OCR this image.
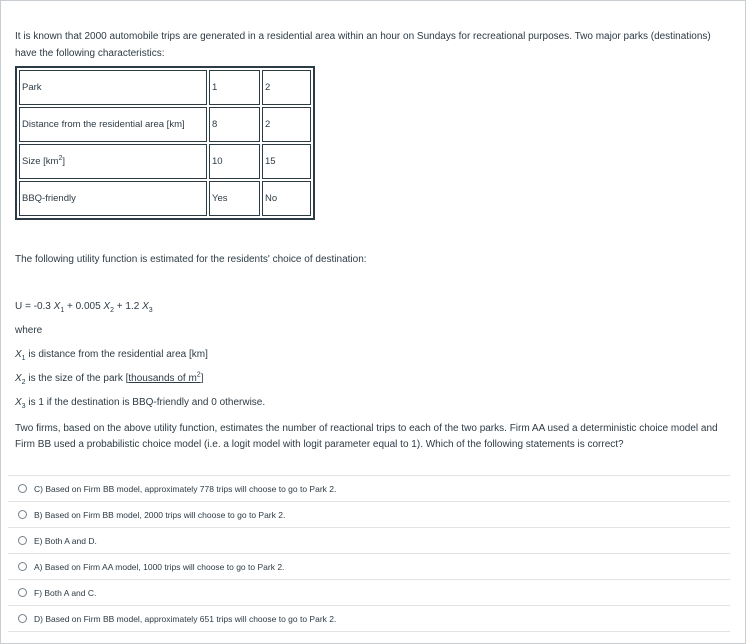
It is known that 2000 automobile trips are generated in a residential area within an hour on Sundays for recreational purposes. Two major parks (destinations) have the following characteristics:

Park	1	2
Distance from the residential area [km]	8	2
Size $[km^2]$	10	15
BBQ-friendly	Yes	No
The following utility function is estimated for the residents' choice of destination:
U = -0.3 $X_1 + 0.005$ $X_2 + 1.2$ $X_3$
where
$X_1$ is distance from the residential area [km]
$X_2$ is the size of the park [thousands of $m^2$]
$X_3$ is 1 if the destination is BBQ-friendly and 0 otherwise.
Two firms, based on the above utility function, estimates the number of reactional trips to each of the two parks. Firm AA used a deterministic choice model and Firm BB used a probabilistic choice model (i.e. a logit model with logit parameter equal to 1). Which of the following statements is correct?
C) Based on Firm BB model, approximately 778 trips will choose to go to Park 2.
B) Based on Firm BB model, 2000 trips will choose to go to Park 2.
E) Both A and D.
A) Based on Firm AA model, 1000 trips will choose to go to Park 2.
F) Both A and C.
D) Based on Firm BB model, approximately 651 trips will choose to go to Park 2.
